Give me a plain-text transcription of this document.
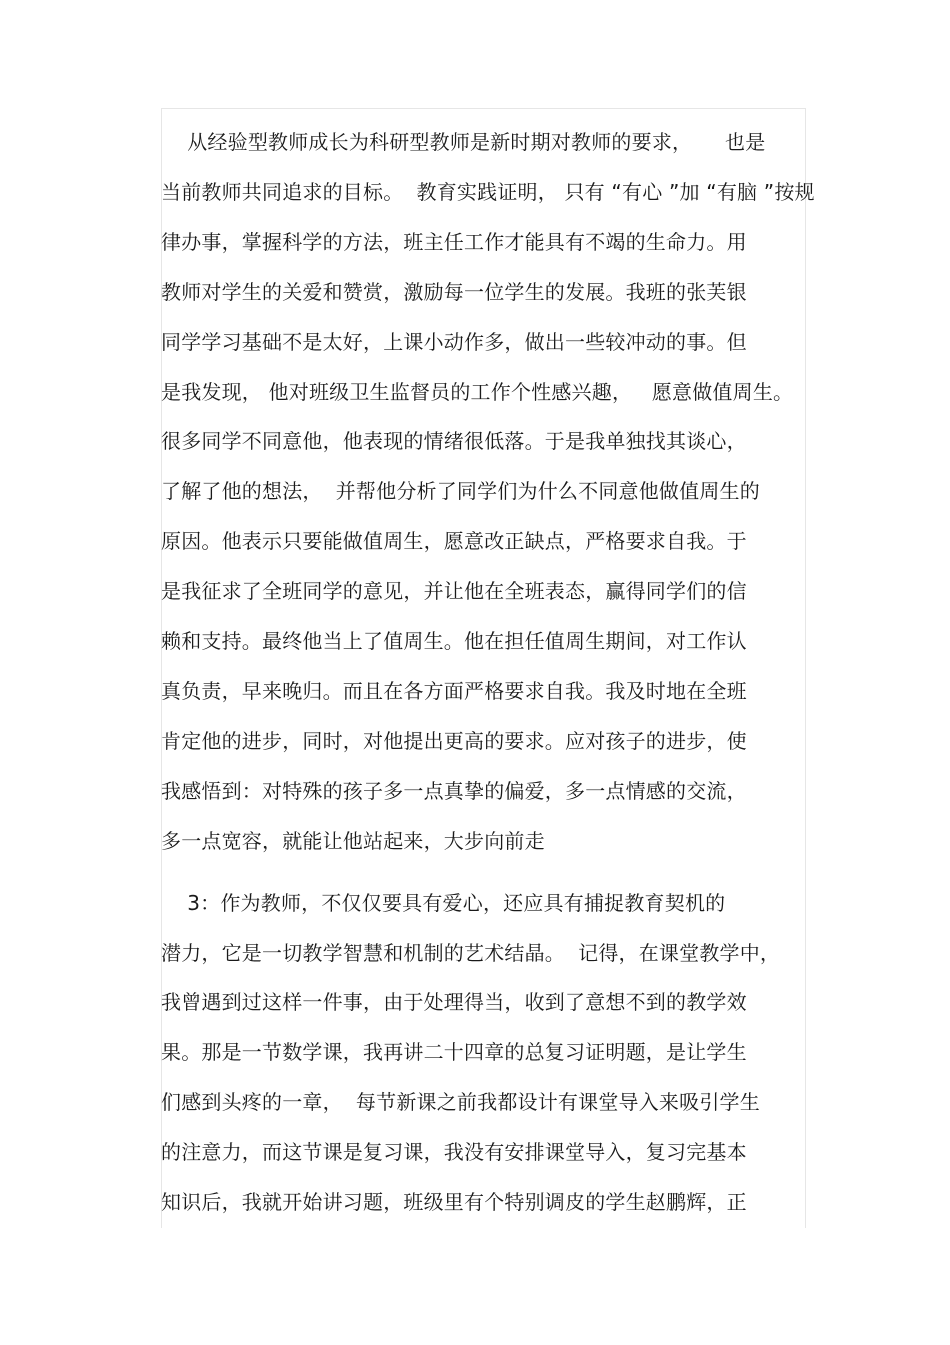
从经验型教师成长为科研型教师是新时期对教师的要求，     也是
当前教师共同追求的目标。  教育实践证明， 只有 “有心 ”加 “有脑 ”按规
律办事，掌握科学的方法，班主任工作才能具有不竭的生命力。用
教师对学生的关爱和赞赏，激励每一位学生的发展。我班的张芙银
同学学习基础不是太好，上课小动作多，做出一些较冲动的事。但
是我发现， 他对班级卫生监督员的工作个性感兴趣，   愿意做值周生。
很多同学不同意他，他表现的情绪很低落。于是我单独找其谈心，
了解了他的想法，  并帮他分析了同学们为什么不同意他做值周生的
原因。他表示只要能做值周生，愿意改正缺点，严格要求自我。于
是我征求了全班同学的意见，并让他在全班表态，赢得同学们的信
赖和支持。最终他当上了值周生。他在担任值周生期间，对工作认
真负责，早来晚归。而且在各方面严格要求自我。我及时地在全班
肯定他的进步，同时，对他提出更高的要求。应对孩子的进步，使
我感悟到：对特殊的孩子多一点真挚的偏爱，多一点情感的交流，
多一点宽容，就能让他站起来，大步向前走
3：作为教师，不仅仅要具有爱心，还应具有捕捉教育契机的
潜力，它是一切教学智慧和机制的艺术结晶。  记得，在课堂教学中，
我曾遇到过这样一件事，由于处理得当，收到了意想不到的教学效
果。那是一节数学课，我再讲二十四章的总复习证明题，是让学生
们感到头疼的一章，  每节新课之前我都设计有课堂导入来吸引学生
的注意力，而这节课是复习课，我没有安排课堂导入，复习完基本
知识后，我就开始讲习题，班级里有个特别调皮的学生赵鹏辉，正
